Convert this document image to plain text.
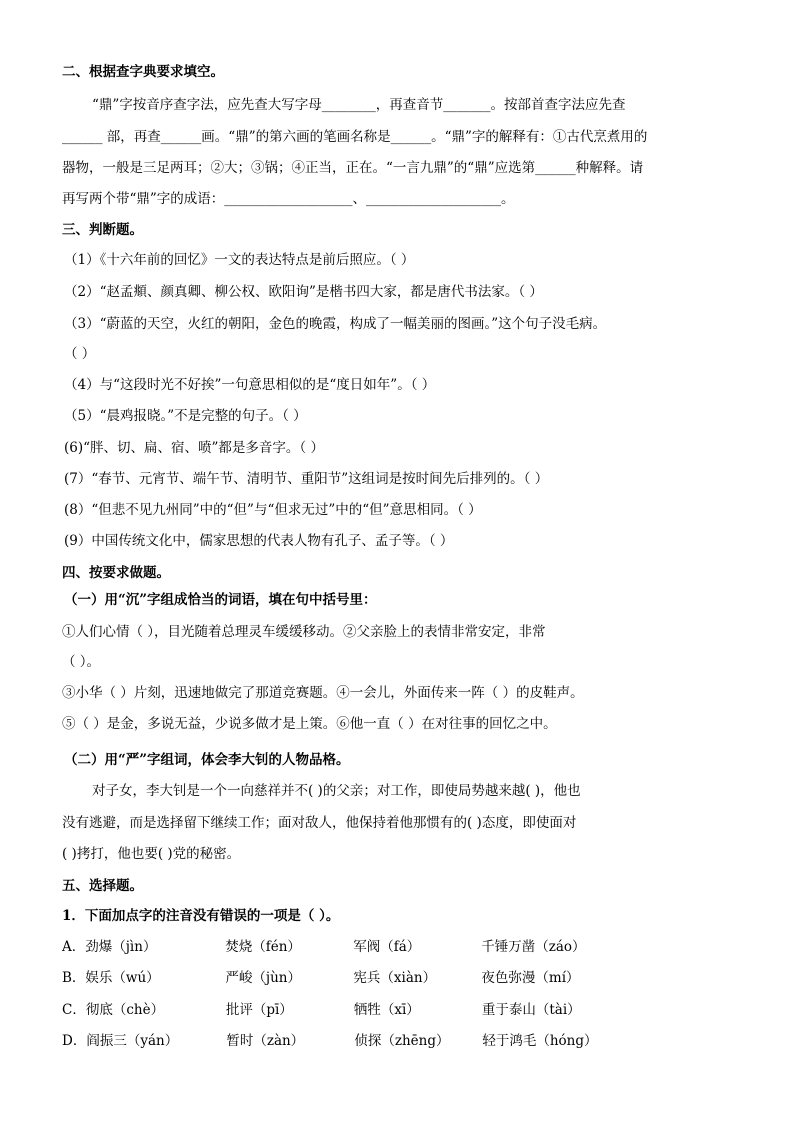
二、根据查字典要求填空。
“鼎”字按音序查字法，应先查大写字母________，再查音节_______。按部首查字法应先查
______ 部，再查______画。“鼎”的第六画的笔画名称是______。“鼎”字的解释有：①古代烹煮用的
器物，一般是三足两耳；②大；③锅；④正当，正在。“一言九鼎”的“鼎”应选第______种解释。请
再写两个带“鼎”字的成语：___________________、____________________。
三、判断题。
（1）《十六年前的回忆》一文的表达特点是前后照应。（ ）
（2）“赵孟頫、颜真卿、柳公权、欧阳询”是楷书四大家，都是唐代书法家。（ ）
（3）“蔚蓝的天空，火红的朝阳，金色的晚霞，构成了一幅美丽的图画。”这个句子没毛病。
（ ）
（4）与“这段时光不好挨”一句意思相似的是“度日如年”。（ ）
（5）“晨鸡报晓。”不是完整的句子。（ ）
(6)“胖、切、扁、宿、喷”都是多音字。（ ）
(7）“春节、元宵节、端午节、清明节、重阳节”这组词是按时间先后排列的。（ ）
(8）“但悲不见九州同”中的“但”与“但求无过”中的“但”意思相同。（ ）
(9）中国传统文化中，儒家思想的代表人物有孔子、孟子等。（ ）
四、按要求做题。
（一）用“沉”字组成恰当的词语，填在句中括号里：
①人们心情（ ），目光随着总理灵车缓缓移动。②父亲脸上的表情非常安定，非常
（ ）。
③小华（ ）片刻，迅速地做完了那道竞赛题。④一会儿，外面传来一阵（ ）的皮鞋声。
⑤（ ）是金，多说无益，少说多做才是上策。⑥他一直（ ）在对往事的回忆之中。
（二）用“严”字组词，体会李大钊的人物品格。
对子女，李大钊是一个一向慈祥并不( )的父亲；对工作，即使局势越来越( )，他也
没有逃避，而是选择留下继续工作；面对敌人，他保持着他那惯有的( )态度，即使面对
( )拷打，他也要( )党的秘密。
五、选择题。
1．下面加点字的注音没有错误的一项是（ ）。
A．劲爆（jìn）	焚烧（fén）	军阀（fá）	千锤万凿（záo）
B．娱乐（wú）	严峻（jùn）	宪兵（xiàn）	夜色弥漫（mí）
C．彻底（chè）	批评（pī）	牺牲（xī）	重于泰山（tài）
D．阎振三（yán）	暂时（zàn）	侦探（zhēng） 轻于鸿毛（hóng）
